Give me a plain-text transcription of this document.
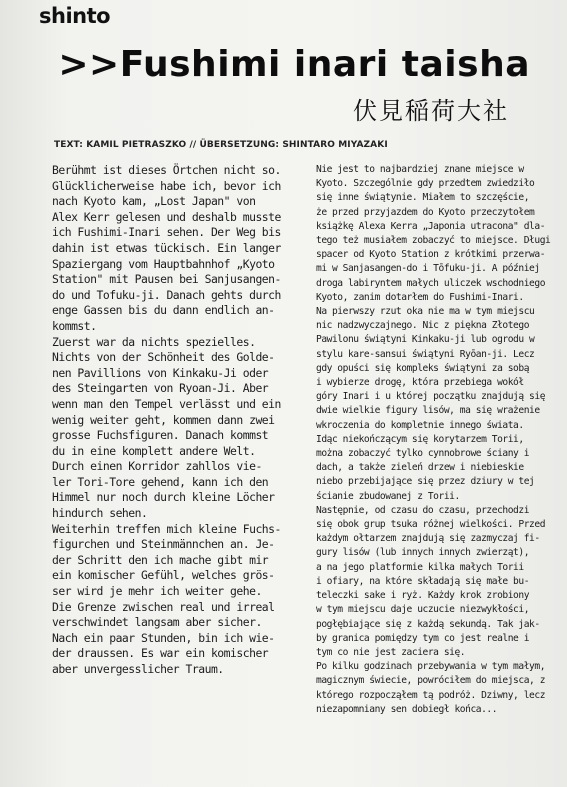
shinto
>>Fushimi inari taisha
伏見稲荷大社
TEXT: KAMIL PIETRASZKO // ÜBERSETZUNG: SHINTARO MIYAZAKI
Berühmt ist dieses Örtchen nicht so.
Glücklicherweise habe ich, bevor ich
nach Kyoto kam, „Lost Japan" von
Alex Kerr gelesen und deshalb musste
ich Fushimi-Inari sehen. Der Weg bis
dahin ist etwas tückisch. Ein langer
Spaziergang vom Hauptbahnhof „Kyoto
Station" mit Pausen bei Sanjusangen-
do und Tofuku-ji. Danach gehts durch
enge Gassen bis du dann endlich an-
kommst.
Zuerst war da nichts spezielles.
Nichts von der Schönheit des Golde-
nen Pavillions von Kinkaku-Ji oder
des Steingarten von Ryoan-Ji. Aber
wenn man den Tempel verlässt und ein
wenig weiter geht, kommen dann zwei
grosse Fuchsfiguren. Danach kommst
du in eine komplett andere Welt.
Durch einen Korridor zahllos vie-
ler Tori-Tore gehend, kann ich den
Himmel nur noch durch kleine Löcher
hindurch sehen.
Weiterhin treffen mich kleine Fuchs-
figurchen und Steinmännchen an. Je-
der Schritt den ich mache gibt mir
ein komischer Gefühl, welches grös-
ser wird je mehr ich weiter gehe.
Die Grenze zwischen real und irreal
verschwindet langsam aber sicher.
Nach ein paar Stunden, bin ich wie-
der draussen. Es war ein komischer
aber unvergesslicher Traum.
Nie jest to najbardziej znane miejsce w
Kyoto. Szczególnie gdy przedtem zwiedziło
się inne świątynie. Miałem to szczęście,
że przed przyjazdem do Kyoto przeczytołem
książkę Alexa Kerra „Japonia utracona" dla-
tego też musiałem zobaczyć to miejsce. Długi
spacer od Kyoto Station z krótkimi przerwa-
mi w Sanjasangen-do i Tōfuku-ji. A później
droga labiryntem małych uliczek wschodniego
Kyoto, zanim dotarłem do Fushimi-Inari.
Na pierwszy rzut oka nie ma w tym miejscu
nic nadzwyczajnego. Nic z piękna Złotego
Pawilonu świątyni Kinkaku-ji lub ogrodu w
stylu kare-sansui świątyni Ryōan-ji. Lecz
gdy opuści się kompleks świątyni za sobą
i wybierze drogę, która przebiega wokół
góry Inari i u której początku znajdują się
dwie wielkie figury lisów, ma się wrażenie
wkroczenia do kompletnie innego świata.
Idąc niekończącym się korytarzem Torii,
można zobaczyć tylko cynnobrowe ściany i
dach, a także zieleń drzew i niebieskie
niebo przebijające się przez dziury w tej
ścianie zbudowanej z Torii.
Następnie, od czasu do czasu, przechodzi
się obok grup tsuka różnej wielkości. Przed
każdym ołtarzem znajdują się zazmyczaj fi-
gury lisów (lub innych innych zwierząt),
a na jego platformie kilka małych Torii
i ofiary, na które składają się małe bu-
teleczki sake i ryż. Każdy krok zrobiony
w tym miejscu daje uczucie niezwykłości,
pogłębiające się z każdą sekundą. Tak jak-
by granica pomiędzy tym co jest realne i
tym co nie jest zaciera się.
Po kilku godzinach przebywania w tym małym,
magicznym świecie, powróciłem do miejsca, z
którego rozpocząłem tą podróż. Dziwny, lecz
niezapomniany sen dobiegł końca...
